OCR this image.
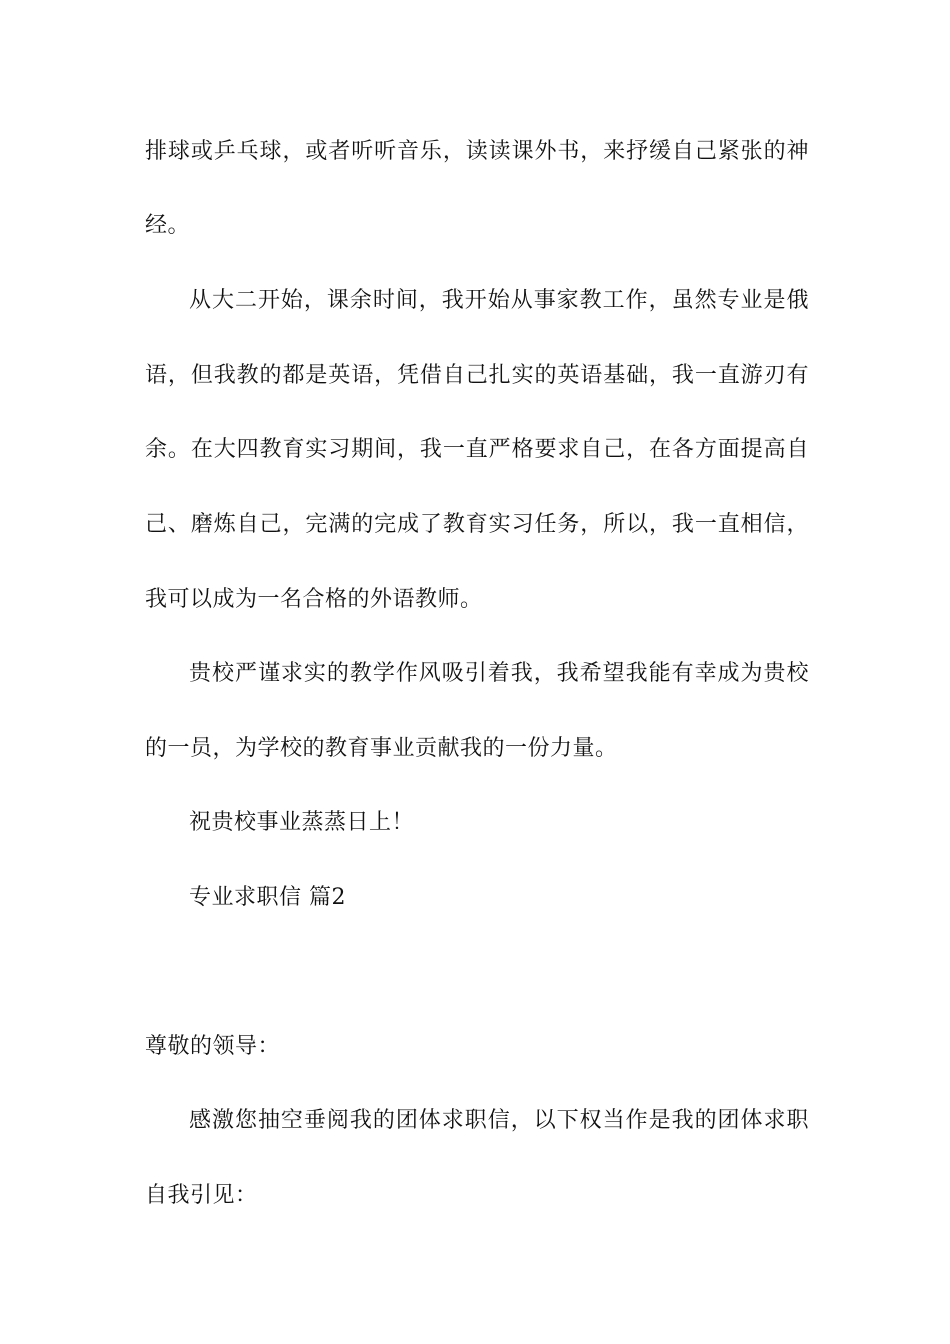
排球或乒乓球，或者听听音乐，读读课外书，来抒缓自己紧张的神

经。

从大二开始，课余时间，我开始从事家教工作，虽然专业是俄

语，但我教的都是英语，凭借自己扎实的英语基础，我一直游刃有

余。在大四教育实习期间，我一直严格要求自己，在各方面提高自

己、磨炼自己，完满的完成了教育实习任务，所以，我一直相信，

我可以成为一名合格的外语教师。

贵校严谨求实的教学作风吸引着我，我希望我能有幸成为贵校

的一员，为学校的教育事业贡献我的一份力量。

祝贵校事业蒸蒸日上！

专业求职信 篇2

尊敬的领导：

感激您抽空垂阅我的团体求职信，以下权当作是我的团体求职

自我引见：
